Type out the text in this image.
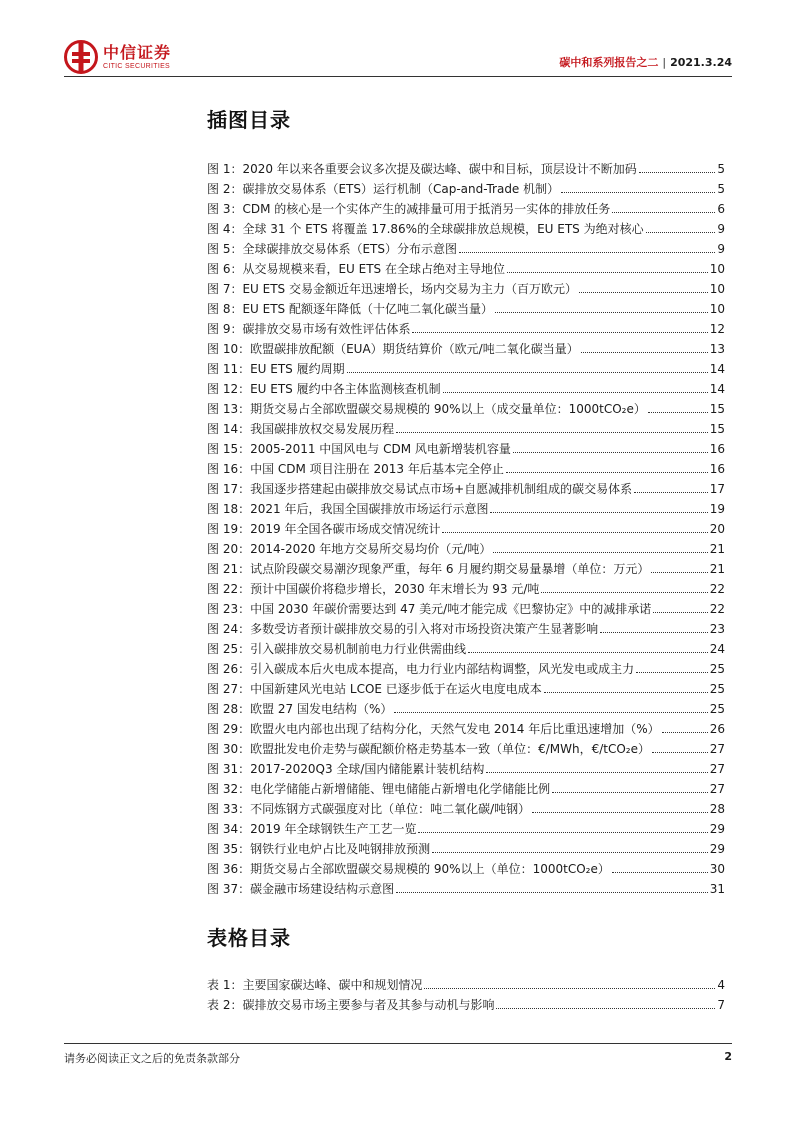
中信证券
CITIC SECURITIES	碳中和系列报告之二 | 2021.3.24
插图目录
图 1：2020 年以来各重要会议多次提及碳达峰、碳中和目标，顶层设计不断加码	5
图 2：碳排放交易体系（ETS）运行机制（Cap-and-Trade 机制）	5
图 3：CDM 的核心是一个实体产生的减排量可用于抵消另一实体的排放任务	6
图 4：全球 31 个 ETS 将覆盖 17.86%的全球碳排放总规模，EU ETS 为绝对核心	9
图 5：全球碳排放交易体系（ETS）分布示意图	9
图 6：从交易规模来看，EU ETS 在全球占绝对主导地位	10
图 7：EU ETS 交易金额近年迅速增长，场内交易为主力（百万欧元）	10
图 8：EU ETS 配额逐年降低（十亿吨二氧化碳当量）	10
图 9：碳排放交易市场有效性评估体系	12
图 10：欧盟碳排放配额（EUA）期货结算价（欧元/吨二氧化碳当量）	13
图 11：EU ETS 履约周期	14
图 12：EU ETS 履约中各主体监测核查机制	14
图 13：期货交易占全部欧盟碳交易规模的 90%以上（成交量单位：1000tCO₂e）	15
图 14：我国碳排放权交易发展历程	15
图 15：2005-2011 中国风电与 CDM 风电新增装机容量	16
图 16：中国 CDM 项目注册在 2013 年后基本完全停止	16
图 17：我国逐步搭建起由碳排放交易试点市场+自愿减排机制组成的碳交易体系	17
图 18：2021 年后，我国全国碳排放市场运行示意图	19
图 19：2019 年全国各碳市场成交情况统计	20
图 20：2014-2020 年地方交易所交易均价（元/吨）	21
图 21：试点阶段碳交易潮汐现象严重，每年 6 月履约期交易量暴增（单位：万元）	21
图 22：预计中国碳价将稳步增长，2030 年末增长为 93 元/吨	22
图 23：中国 2030 年碳价需要达到 47 美元/吨才能完成《巴黎协定》中的减排承诺	22
图 24：多数受访者预计碳排放交易的引入将对市场投资决策产生显著影响	23
图 25：引入碳排放交易机制前电力行业供需曲线	24
图 26：引入碳成本后火电成本提高，电力行业内部结构调整，风光发电或成主力	25
图 27：中国新建风光电站 LCOE 已逐步低于在运火电度电成本	25
图 28：欧盟 27 国发电结构（%）	25
图 29：欧盟火电内部也出现了结构分化，天然气发电 2014 年后比重迅速增加（%）	26
图 30：欧盟批发电价走势与碳配额价格走势基本一致（单位：€/MWh，€/tCO₂e）	27
图 31：2017-2020Q3 全球/国内储能累计装机结构	27
图 32：电化学储能占新增储能、锂电储能占新增电化学储能比例	27
图 33：不同炼钢方式碳强度对比（单位：吨二氧化碳/吨钢）	28
图 34：2019 年全球钢铁生产工艺一览	29
图 35：钢铁行业电炉占比及吨钢排放预测	29
图 36：期货交易占全部欧盟碳交易规模的 90%以上（单位：1000tCO₂e）	30
图 37：碳金融市场建设结构示意图	31
表格目录
表 1：主要国家碳达峰、碳中和规划情况	4
表 2：碳排放交易市场主要参与者及其参与动机与影响	7
请务必阅读正文之后的免责条款部分	2
